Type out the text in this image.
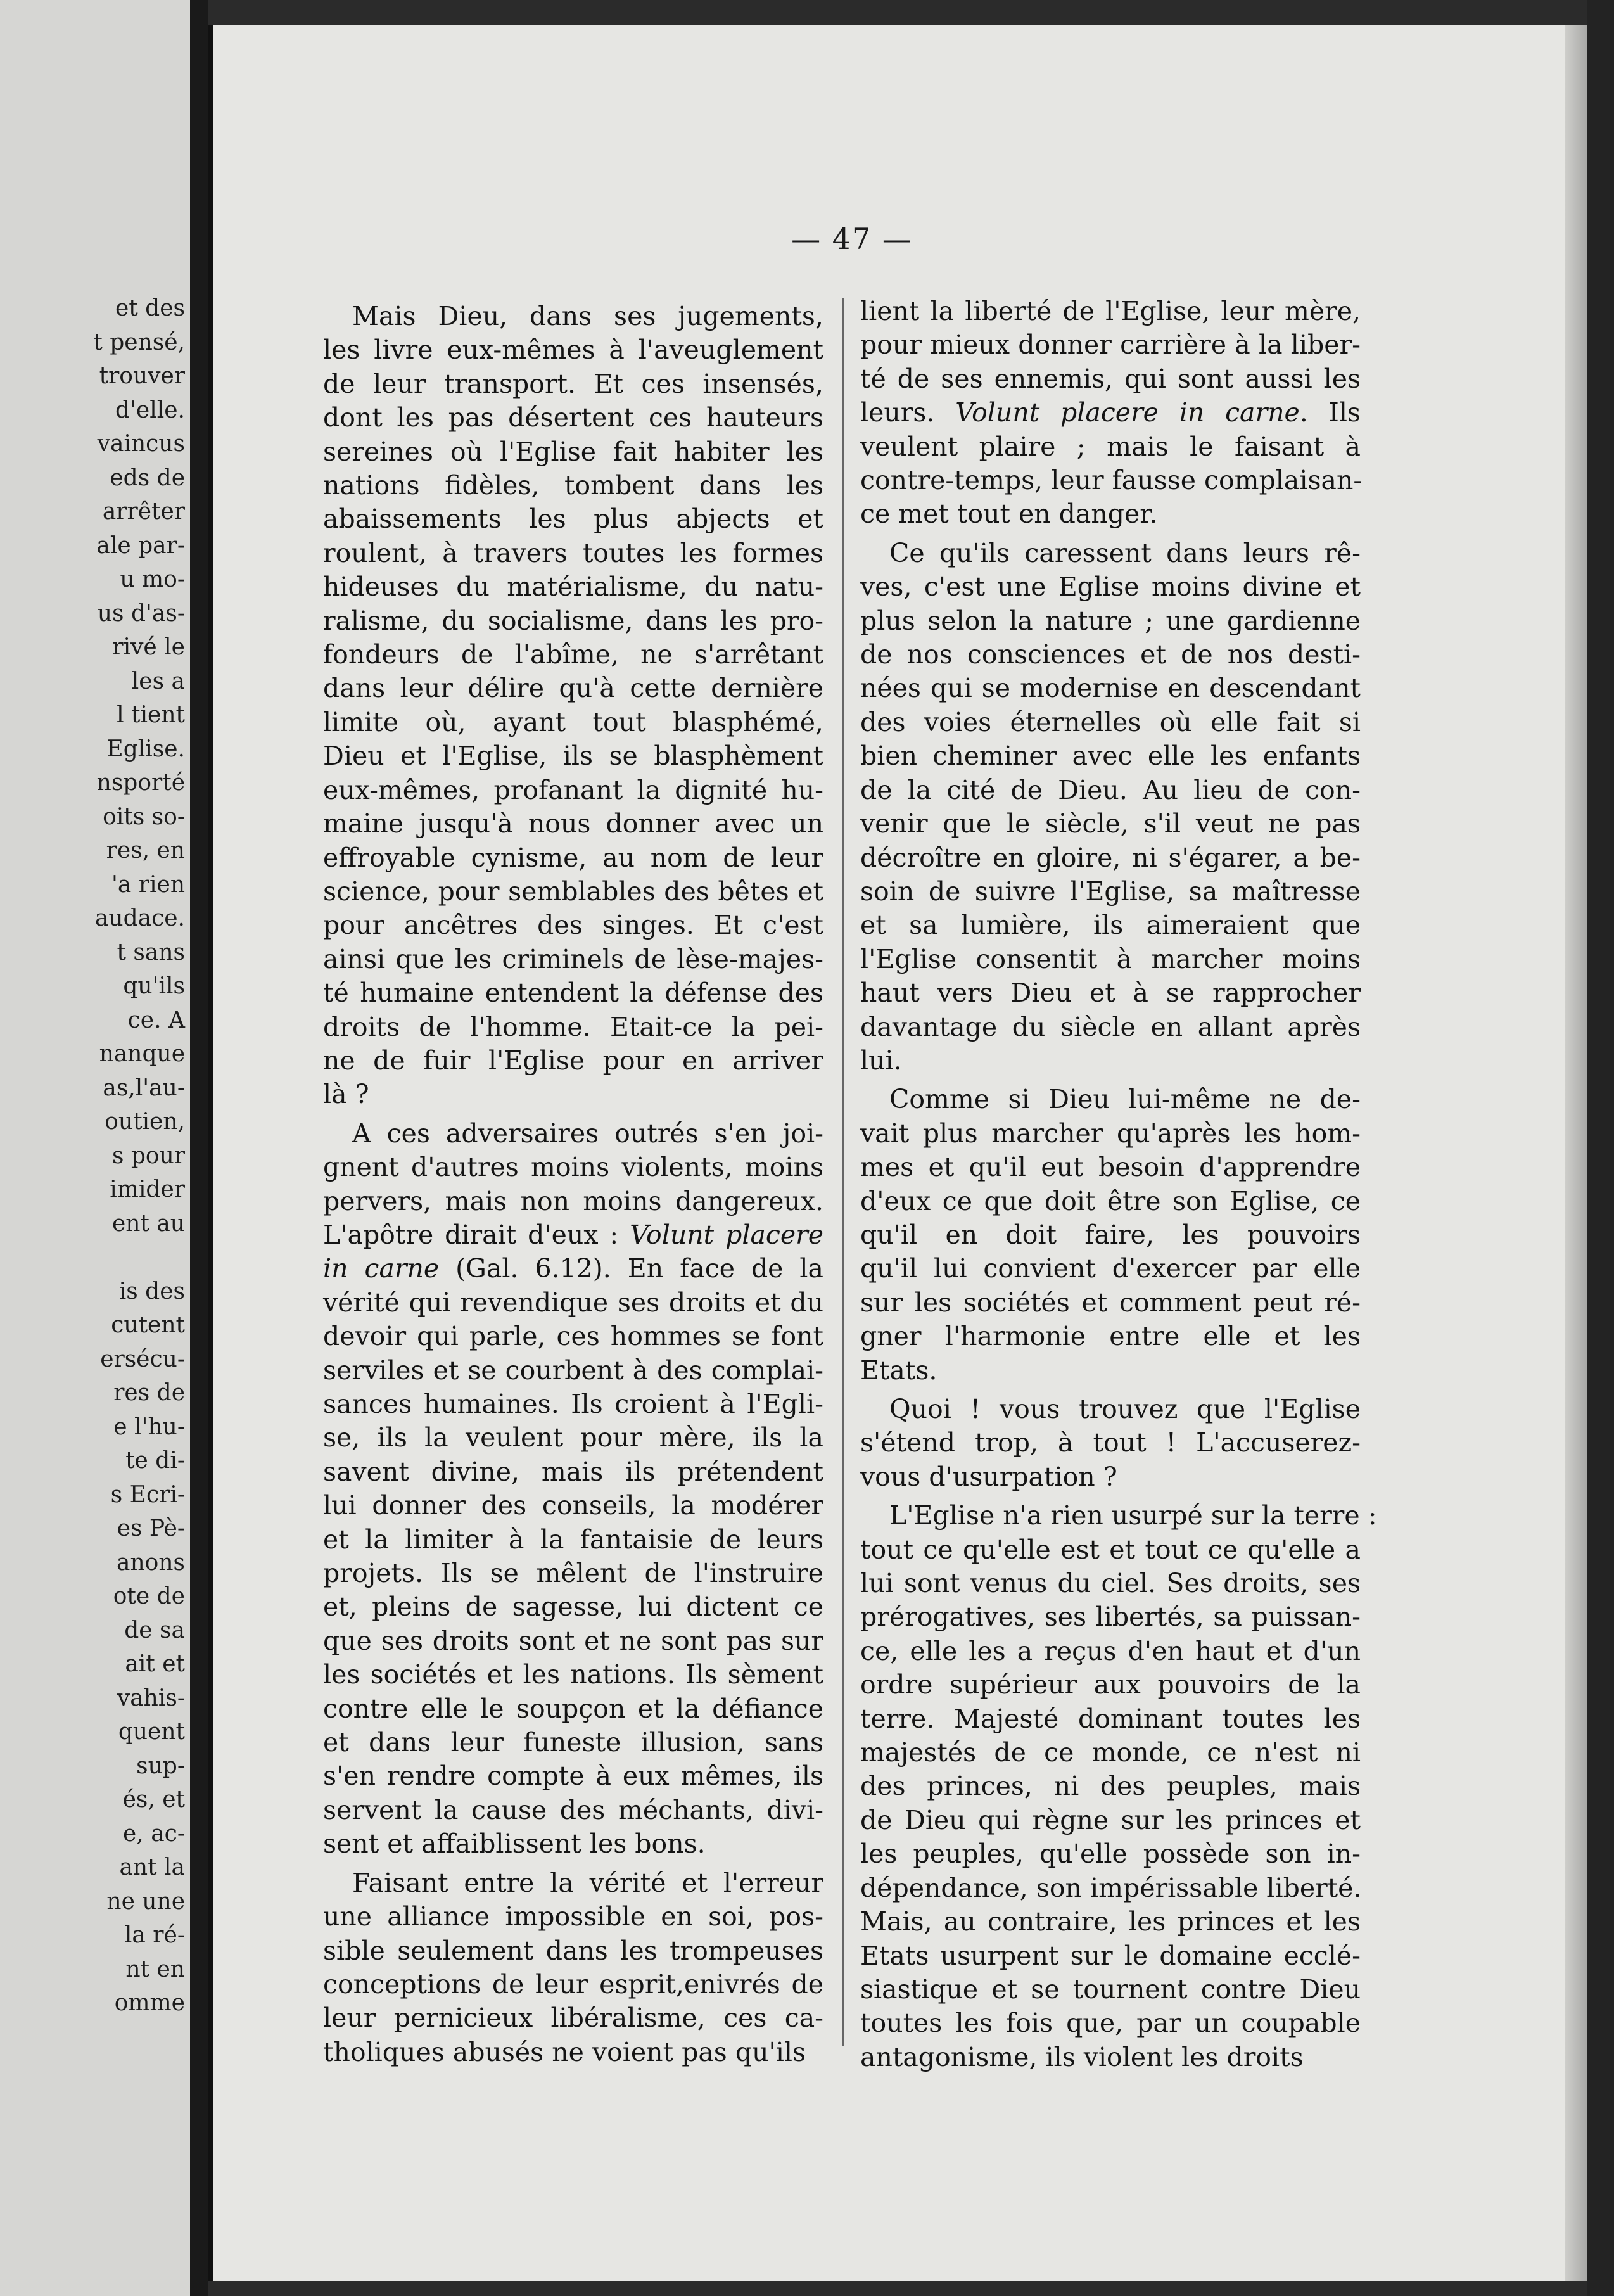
et des
t pensé,
trouver
d'elle.
vaincus
eds de
arrêter
ale par-
u mo-
us d'as-
rivé le
les a
l tient
Eglise.
nsporté
oits so-
res, en
'a rien
audace.
t sans
qu'ils
ce. A
nanque
as,l'au-
outien,
s pour
imider
ent au

is des
cutent
ersécu-
res de
e l'hu-
te di-
s Ecri-
es Pè-
anons
ote de
de sa
ait et
vahis-
quent
sup-
és, et
e, ac-
ant la
ne une
la ré-
nt en
omme
— 47 —
Mais Dieu, dans ses jugements,
les livre eux-mêmes à l'aveuglement
de leur transport. Et ces insensés,
dont les pas désertent ces hauteurs
sereines où l'Eglise fait habiter les
nations fidèles, tombent dans les
abaissements les plus abjects et
roulent, à travers toutes les formes
hideuses du matérialisme, du natu-
ralisme, du socialisme, dans les pro-
fondeurs de l'abîme, ne s'arrêtant
dans leur délire qu'à cette dernière
limite où, ayant tout blasphémé,
Dieu et l'Eglise, ils se blasphèment
eux-mêmes, profanant la dignité hu-
maine jusqu'à nous donner avec un
effroyable cynisme, au nom de leur
science, pour semblables des bêtes et
pour ancêtres des singes. Et c'est
ainsi que les criminels de lèse-majes-
té humaine entendent la défense des
droits de l'homme. Etait-ce la pei-
ne de fuir l'Eglise pour en arriver
là ?
A ces adversaires outrés s'en joi-
gnent d'autres moins violents, moins
pervers, mais non moins dangereux.
L'apôtre dirait d'eux : Volunt placere
in carne (Gal. 6.12). En face de la
vérité qui revendique ses droits et du
devoir qui parle, ces hommes se font
serviles et se courbent à des complai-
sances humaines. Ils croient à l'Egli-
se, ils la veulent pour mère, ils la
savent divine, mais ils prétendent
lui donner des conseils, la modérer
et la limiter à la fantaisie de leurs
projets. Ils se mêlent de l'instruire
et, pleins de sagesse, lui dictent ce
que ses droits sont et ne sont pas sur
les sociétés et les nations. Ils sèment
contre elle le soupçon et la défiance
et dans leur funeste illusion, sans
s'en rendre compte à eux mêmes, ils
servent la cause des méchants, divi-
sent et affaiblissent les bons.
Faisant entre la vérité et l'erreur
une alliance impossible en soi, pos-
sible seulement dans les trompeuses
conceptions de leur esprit,enivrés de
leur pernicieux libéralisme, ces ca-
tholiques abusés ne voient pas qu'ils
lient la liberté de l'Eglise, leur mère,
pour mieux donner carrière à la liber-
té de ses ennemis, qui sont aussi les
leurs. Volunt placere in carne. Ils
veulent plaire ; mais le faisant à
contre-temps, leur fausse complaisan-
ce met tout en danger.
Ce qu'ils caressent dans leurs rê-
ves, c'est une Eglise moins divine et
plus selon la nature ; une gardienne
de nos consciences et de nos desti-
nées qui se modernise en descendant
des voies éternelles où elle fait si
bien cheminer avec elle les enfants
de la cité de Dieu. Au lieu de con-
venir que le siècle, s'il veut ne pas
décroître en gloire, ni s'égarer, a be-
soin de suivre l'Eglise, sa maîtresse
et sa lumière, ils aimeraient que
l'Eglise consentit à marcher moins
haut vers Dieu et à se rapprocher
davantage du siècle en allant après
lui.
Comme si Dieu lui-même ne de-
vait plus marcher qu'après les hom-
mes et qu'il eut besoin d'apprendre
d'eux ce que doit être son Eglise, ce
qu'il en doit faire, les pouvoirs
qu'il lui convient d'exercer par elle
sur les sociétés et comment peut ré-
gner l'harmonie entre elle et les
Etats.
Quoi ! vous trouvez que l'Eglise
s'étend trop, à tout ! L'accuserez-
vous d'usurpation ?
L'Eglise n'a rien usurpé sur la terre :
tout ce qu'elle est et tout ce qu'elle a
lui sont venus du ciel. Ses droits, ses
prérogatives, ses libertés, sa puissan-
ce, elle les a reçus d'en haut et d'un
ordre supérieur aux pouvoirs de la
terre. Majesté dominant toutes les
majestés de ce monde, ce n'est ni
des princes, ni des peuples, mais
de Dieu qui règne sur les princes et
les peuples, qu'elle possède son in-
dépendance, son impérissable liberté.
Mais, au contraire, les princes et les
Etats usurpent sur le domaine ecclé-
siastique et se tournent contre Dieu
toutes les fois que, par un coupable
antagonisme, ils violent les droits
